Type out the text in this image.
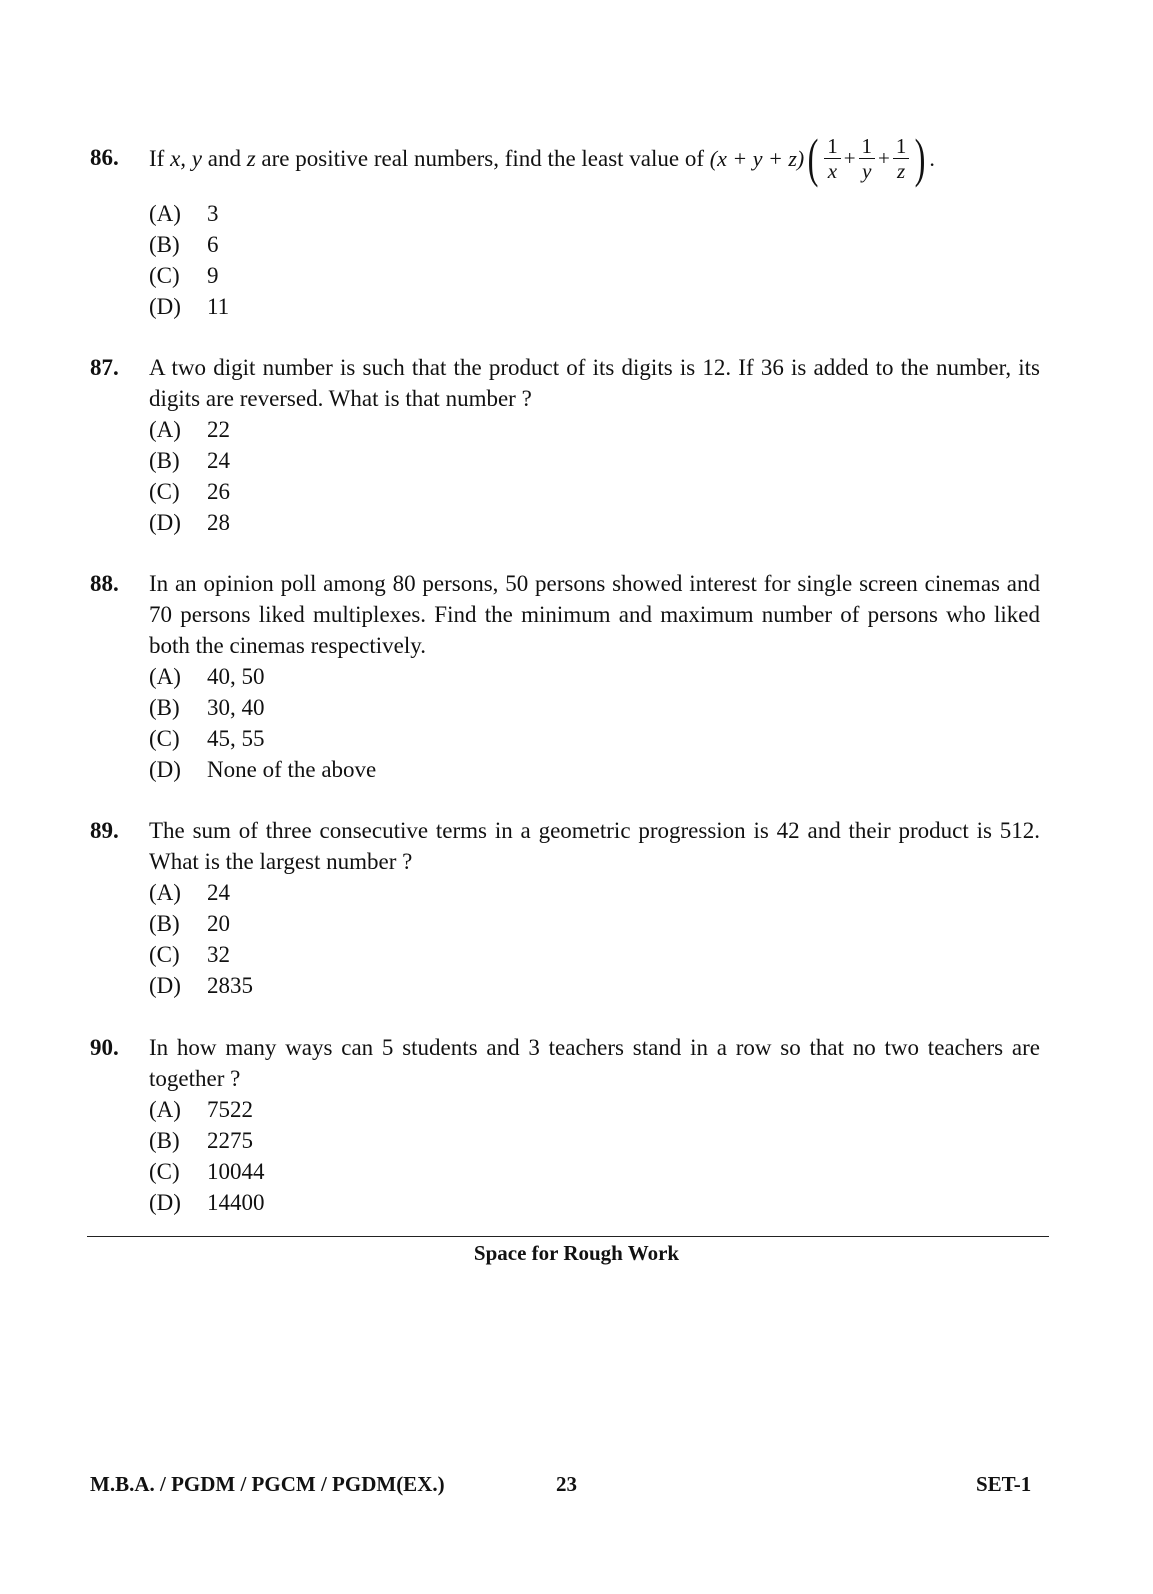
86. If
x, y
and
z
are positive real numbers, find the least value of
(x + y + z) ( $\frac{1}{x} + \frac{1}{y} + \frac{1}{z}$ ) .
(A)	3
(B)	6
(C)	9
(D)	11
87. A two digit number is such that the product of its digits is 12. If 36 is added to the number, its digits are reversed. What is that number ?
(A)	22
(B)	24
(C)	26
(D)	28
88. In an opinion poll among 80 persons, 50 persons showed interest for single screen cinemas and 70 persons liked multiplexes. Find the minimum and maximum number of persons who liked both the cinemas respectively.
(A)	40, 50
(B)	30, 40
(C)	45, 55
(D)	None of the above
89. The sum of three consecutive terms in a geometric progression is 42 and their product is 512. What is the largest number ?
(A)	24
(B)	20
(C)	32
(D)	2835
90. In how many ways can 5 students and 3 teachers stand in a row so that no two teachers are together ?
(A)	7522
(B)	2275
(C)	10044
(D)	14400
Space for Rough Work
M.B.A. / PGDM / PGCM / PGDM(EX.)	23	SET-1
